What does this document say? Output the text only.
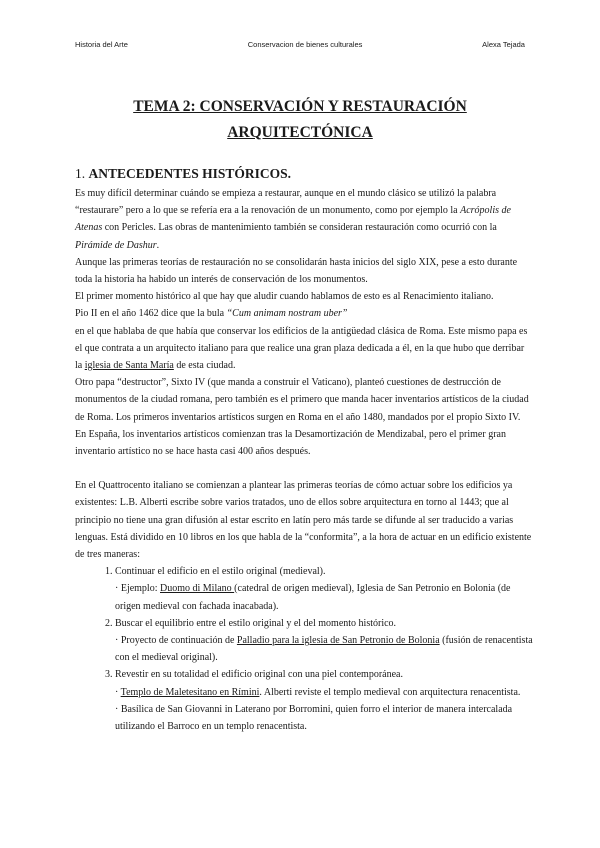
Historia del Arte	Conservacion de bienes culturales	Alexa Tejada
TEMA 2: CONSERVACIÓN Y RESTAURACIÓN
ARQUITECTÓNICA
1. ANTECEDENTES HISTÓRICOS.

Es muy difícil determinar cuándo se empieza a restaurar, aunque en el mundo clásico se utilizó la palabra “restaurare” pero a lo que se refería era a la renovación de un monumento, como por ejemplo la Acrópolis de Atenas con Pericles. Las obras de mantenimiento también se consideran restauración como ocurrió con la Pirámide de Dashur.

Aunque las primeras teorías de restauración no se consolidarán hasta inicios del siglo XIX, pese a esto durante toda la historia ha habido un interés de conservación de los monumentos.

El primer momento histórico al que hay que aludir cuando hablamos de esto es al Renacimiento italiano.

Pio II en el año 1462 dice que la bula “Cum animam nostram uber”

en el que hablaba de que había que conservar los edificios de la antigüedad clásica de Roma. Este mismo papa es el que contrata a un arquitecto italiano para que realice una gran plaza dedicada a él, en la que hubo que derribar la iglesia de Santa María de esta ciudad.

Otro papa “destructor”, Sixto IV (que manda a construir el Vaticano), planteó cuestiones de destrucción de monumentos de la ciudad romana, pero también es el primero que manda hacer inventarios artísticos de la ciudad de Roma. Los primeros inventarios artísticos surgen en Roma en el año 1480, mandados por el propio Sixto IV. En España, los inventarios artísticos comienzan tras la Desamortización de Mendizabal, pero el primer gran inventario artístico no se hace hasta casi 400 años después.

En el Quattrocento italiano se comienzan a plantear las primeras teorías de cómo actuar sobre los edificios ya existentes: L.B. Alberti escribe sobre varios tratados, uno de ellos sobre arquitectura en torno al 1443; que al principio no tiene una gran difusión al estar escrito en latín pero más tarde se difunde al ser traducido a varias lenguas. Está dividido en 10 libros en los que habla de la “conformita”, a la hora de actuar en un edificio existente de tres maneras:

1. Continuar el edificio en el estilo original (medieval).
· Ejemplo: Duomo di Milano (catedral de origen medieval), Iglesia de San Petronio en Bolonia (de origen medieval con fachada inacabada).
2. Buscar el equilibrio entre el estilo original y el del momento histórico.
· Proyecto de continuación de Palladio para la iglesia de San Petronio de Bolonia (fusión de renacentista con el medieval original).
3. Revestir en su totalidad el edificio original con una piel contemporánea.
· Templo de Maletesitano en Rímini. Alberti reviste el templo medieval con arquitectura renacentista.
· Basílica de San Giovanni in Laterano por Borromini, quien forro el interior de manera intercalada utilizando el Barroco en un templo renacentista.
